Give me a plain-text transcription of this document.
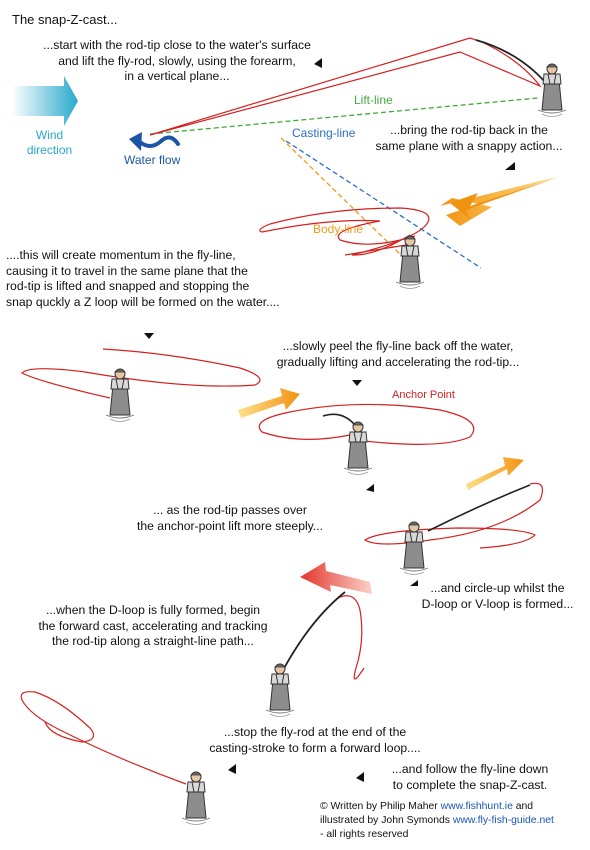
The snap-Z-cast...
...start with the rod-tip close to the water's surface
and lift the fly-rod, slowly, using the forearm,
in a vertical plane...
...bring the rod-tip back in the
same plane with a snappy action...
....this will create momentum in the fly-line,
causing it to travel in the same plane that the
rod-tip is lifted and snapped and stopping the
snap quckly a Z loop will be formed on the water....
...slowly peel the fly-line back off the water,
gradually lifting and accelerating the rod-tip...
... as the rod-tip passes over
the anchor-point lift more steeply...
...and circle-up whilst the
D-loop or V-loop is formed...
...when the D-loop is fully formed, begin
the forward cast, accelerating and tracking
the rod-tip along a straight-line path...
...stop the fly-rod at the end of the
casting-stroke to form a forward loop....
...and follow the fly-line down
to complete the snap-Z-cast.
Wind
direction
Water flow
Lift-line
Casting-line
Body-line
Anchor Point
© Written by Philip Maher www.fishhunt.ie and
illustrated by John Symonds www.fly-fish-guide.net
- all rights reserved
